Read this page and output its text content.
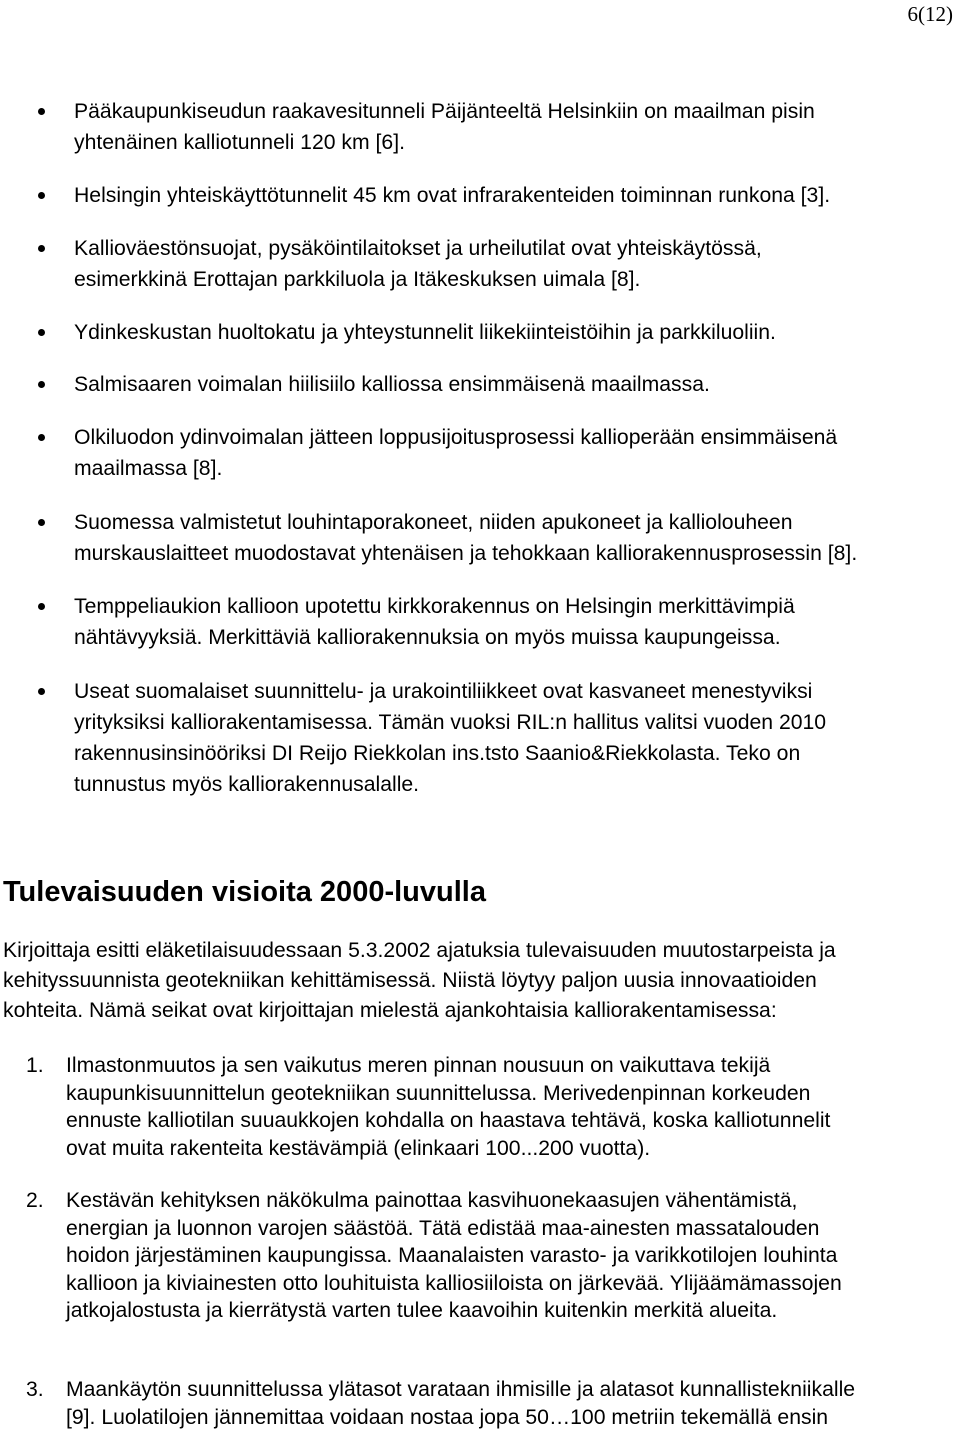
6(12)
Pääkaupunkiseudun raakavesitunneli Päijänteeltä Helsinkiin on maailman pisin
yhtenäinen kalliotunneli 120 km [6].
Helsingin yhteiskäyttötunnelit 45 km ovat infrarakenteiden toiminnan runkona [3].
Kallioväestönsuojat, pysäköintilaitokset ja urheilutilat ovat yhteiskäytössä,
esimerkkinä Erottajan parkkiluola ja Itäkeskuksen uimala [8].
Ydinkeskustan huoltokatu ja yhteystunnelit liikekiinteistöihin ja parkkiluoliin.
Salmisaaren voimalan hiilisiilo kalliossa ensimmäisenä maailmassa.
Olkiluodon ydinvoimalan jätteen loppusijoitusprosessi kallioperään ensimmäisenä
maailmassa [8].
Suomessa valmistetut louhintaporakoneet, niiden apukoneet ja kalliolouheen
murskauslaitteet muodostavat yhtenäisen ja tehokkaan kalliorakennusprosessin [8].
Temppeliaukion kallioon upotettu kirkkorakennus on Helsingin merkittävimpiä
nähtävyyksiä. Merkittäviä kalliorakennuksia on myös muissa kaupungeissa.
Useat suomalaiset suunnittelu- ja urakointiliikkeet ovat kasvaneet menestyviksi
yrityksiksi kalliorakentamisessa. Tämän vuoksi RIL:n hallitus valitsi vuoden 2010
rakennusinsinööriksi DI Reijo Riekkolan ins.tsto Saanio&Riekkolasta. Teko on
tunnustus myös kalliorakennusalalle.
Tulevaisuuden visioita 2000-luvulla
Kirjoittaja esitti eläketilaisuudessaan 5.3.2002 ajatuksia tulevaisuuden muutostarpeista ja
kehityssuunnista geotekniikan kehittämisessä. Niistä löytyy paljon uusia innovaatioiden
kohteita. Nämä seikat ovat kirjoittajan mielestä ajankohtaisia kalliorakentamisessa:
1. Ilmastonmuutos ja sen vaikutus meren pinnan nousuun on vaikuttava tekijä
kaupunkisuunnittelun geotekniikan suunnittelussa. Merivedenpinnan korkeuden
ennuste kalliotilan suuaukkojen kohdalla on haastava tehtävä, koska kalliotunnelit
ovat muita rakenteita kestävämpiä (elinkaari 100...200 vuotta).
2. Kestävän kehityksen näkökulma painottaa kasvihuonekaasujen vähentämistä,
energian ja luonnon varojen säästöä. Tätä edistää maa-ainesten massatalouden
hoidon järjestäminen kaupungissa. Maanalaisten varasto- ja varikkotilojen louhinta
kallioon ja kiviainesten otto louhituista kalliosiiloista on järkevää. Ylijäämämassojen
jatkojalostusta ja kierrätystä varten tulee kaavoihin kuitenkin merkitä alueita.
3. Maankäytön suunnittelussa ylätasot varataan ihmisille ja alatasot kunnallistekniikalle
[9]. Luolatilojen jännemittaa voidaan nostaa jopa 50…100 metriin tekemällä ensin
